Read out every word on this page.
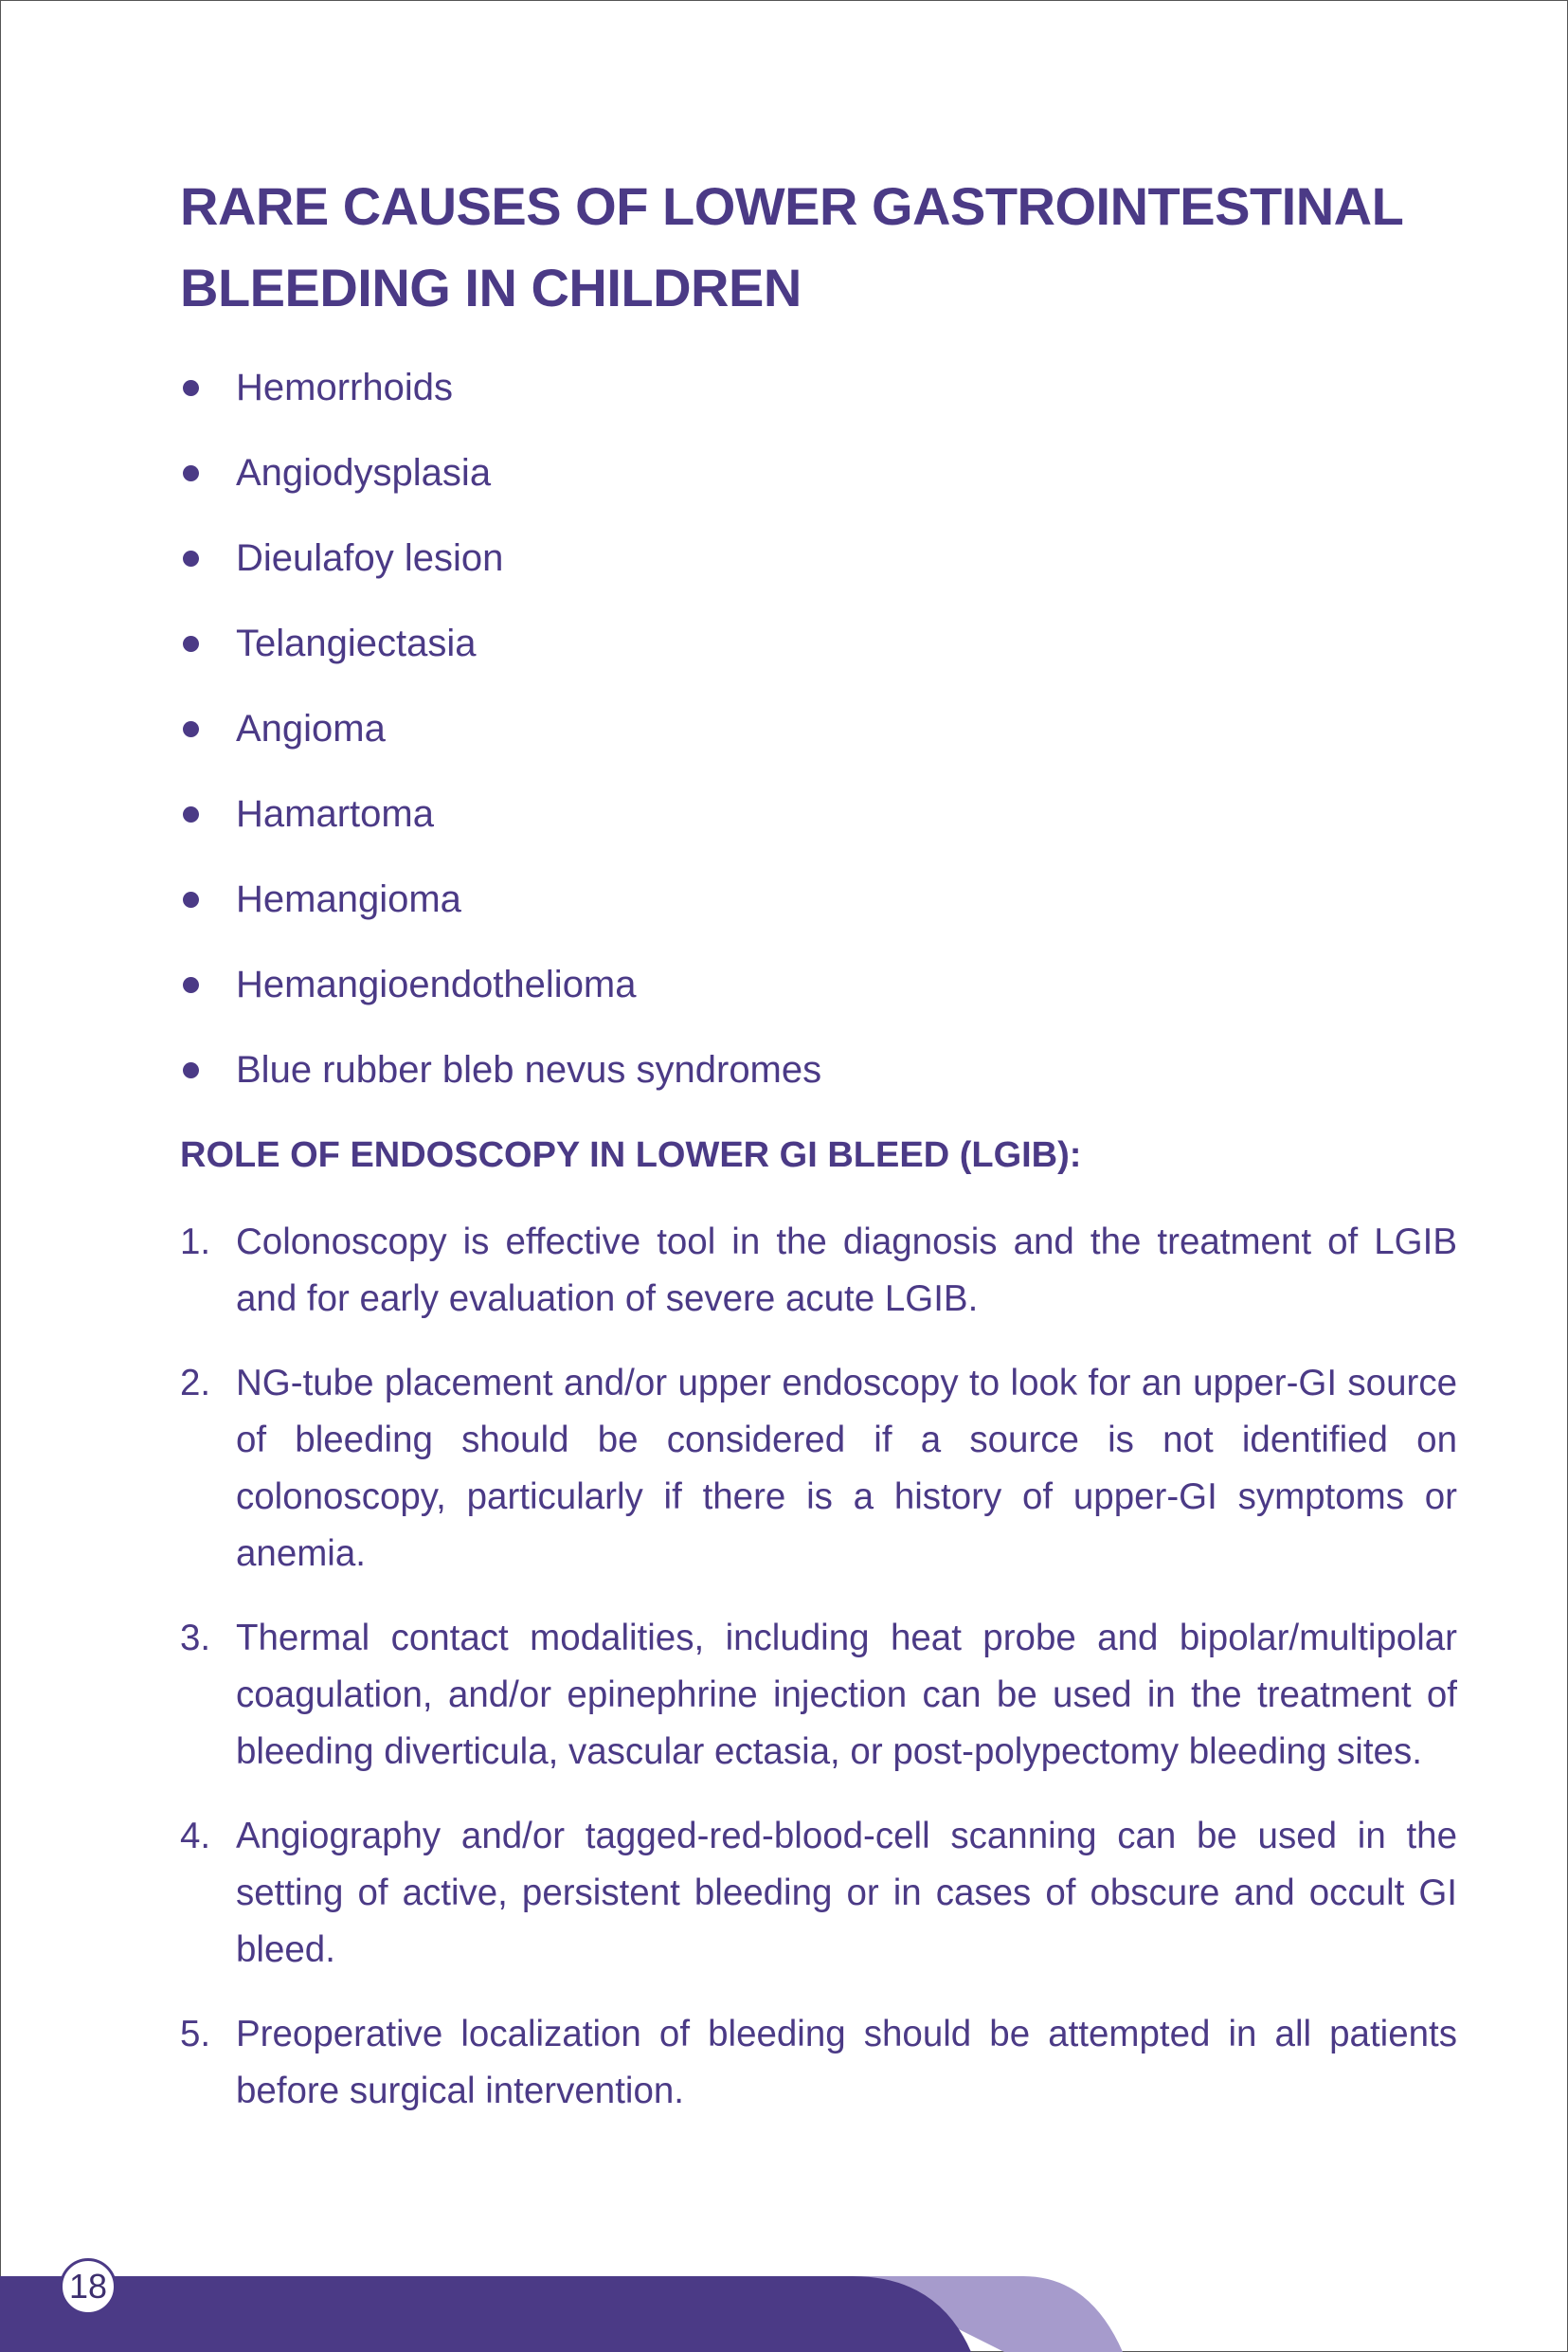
RARE CAUSES OF LOWER GASTROINTESTINAL
BLEEDING IN CHILDREN
Hemorrhoids
Angiodysplasia
Dieulafoy lesion
Telangiectasia
Angioma
Hamartoma
Hemangioma
Hemangioendothelioma
Blue rubber bleb nevus syndromes
ROLE OF ENDOSCOPY IN LOWER GI BLEED (LGIB):
1. Colonoscopy is effective tool in the diagnosis and the treatment of LGIB and for early evaluation of severe acute LGIB.
2. NG-tube placement and/or upper endoscopy to look for an upper-GI source of bleeding should be considered if a source is not identified on colonoscopy, particularly if there is a history of upper-GI symptoms or anemia.
3. Thermal contact modalities, including heat probe and bipolar/multipolar coagulation, and/or epinephrine injection can be used in the treatment of bleeding diverticula, vascular ectasia, or post-polypectomy bleeding sites.
4. Angiography and/or tagged-red-blood-cell scanning can be used in the setting of active, persistent bleeding or in cases of obscure and occult GI bleed.
5. Preoperative localization of bleeding should be attempted in all patients before surgical intervention.
18
